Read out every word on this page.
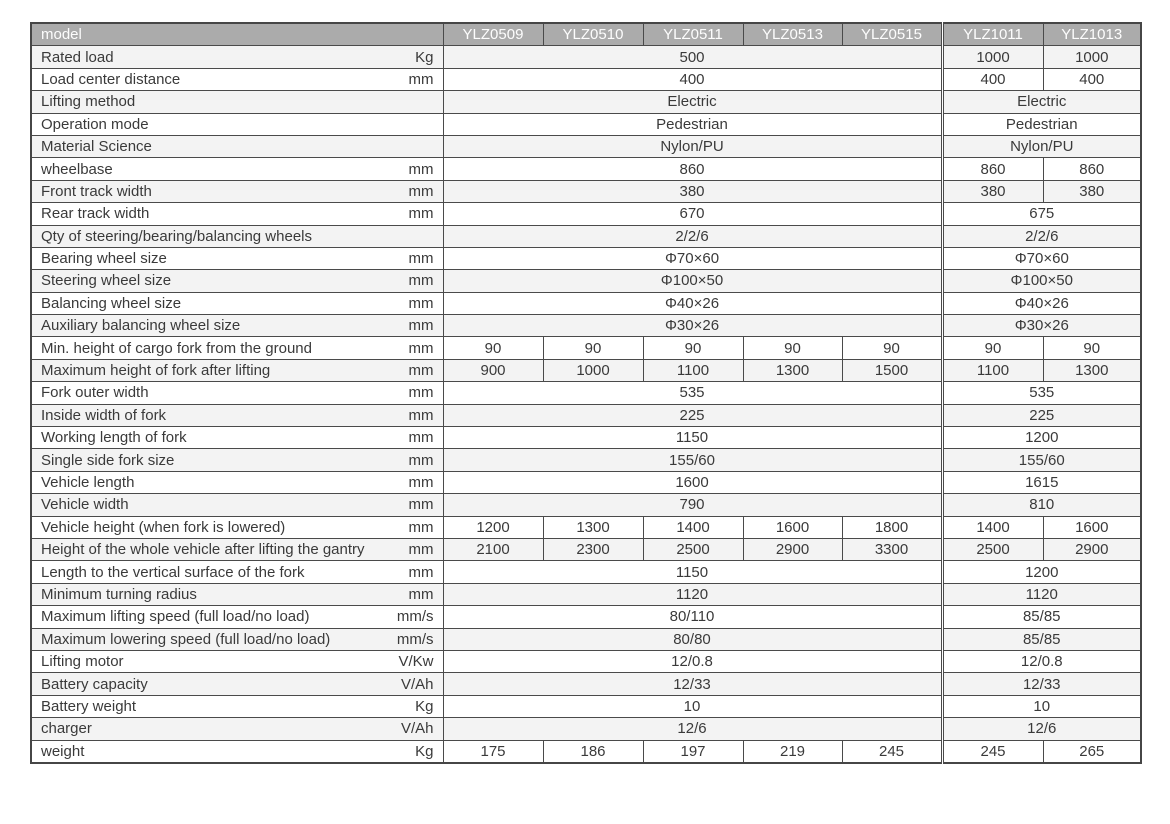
model	YLZ0509	YLZ0510	YLZ0511	YLZ0513	YLZ0515	YLZ1011	YLZ1013

Rated load Kg	500					1000	1000

Load center distance mm	400					400	400

Lifting method	Electric					Electric	

Operation mode	Pedestrian					Pedestrian	

Material Science	Nylon/PU					Nylon/PU	

wheelbase mm	860					860	860

Front track width mm	380					380	380

Rear track width mm	670					675	

Qty of steering/bearing/balancing wheels	2/2/6					2/2/6	

Bearing wheel size mm	Φ70×60					Φ70×60	

Steering wheel size mm	Φ100×50					Φ100×50	

Balancing wheel size mm	Φ40×26					Φ40×26	

Auxiliary balancing wheel size mm	Φ30×26					Φ30×26	

Min. height of cargo fork from the ground mm	90	90	90	90	90	90	90

Maximum height of fork after lifting mm	900	1000	1100	1300	1500	1100	1300

Fork outer width mm	535					535	

Inside width of fork mm	225					225	

Working length of fork mm	1150					1200	

Single side fork size mm	155/60					155/60	

Vehicle length mm	1600					1615	

Vehicle width mm	790					810	

Vehicle height (when fork is lowered) mm	1200	1300	1400	1600	1800	1400	1600

Height of the whole vehicle after lifting the gantry mm	2100	2300	2500	2900	3300	2500	2900

Length to the vertical surface of the fork mm	1150					1200	

Minimum turning radius mm	1120					1120	

Maximum lifting speed (full load/no load) mm/s	80/110					85/85	

Maximum lowering speed (full load/no load) mm/s	80/80					85/85	

Lifting motor V/Kw	12/0.8					12/0.8	

Battery capacity V/Ah	12/33					12/33	

Battery weight Kg	10					10	

charger V/Ah	12/6					12/6	

weight Kg	175	186	197	219	245	245	265
